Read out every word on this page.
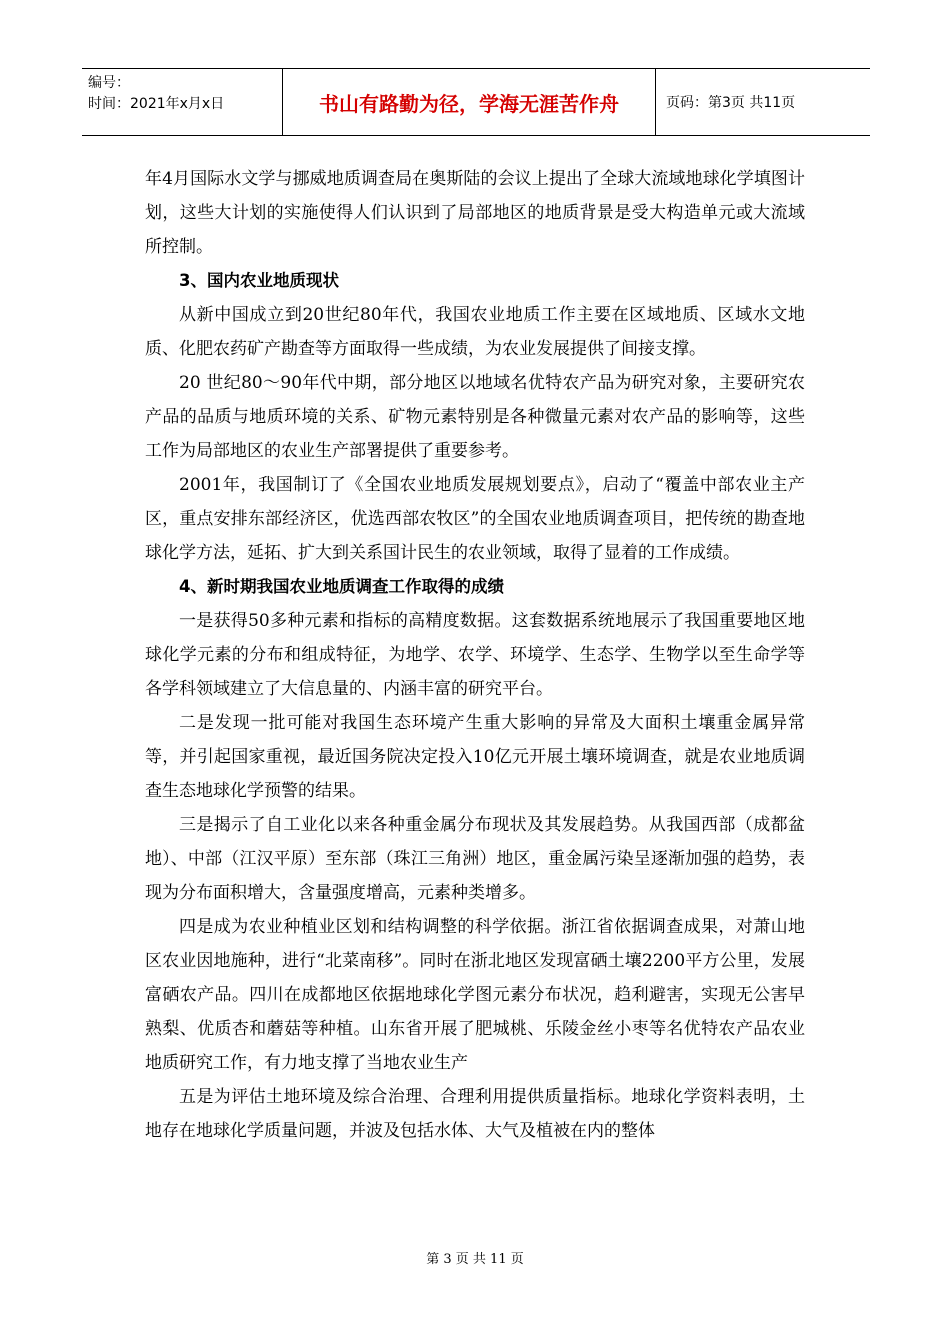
编号：
时间：2021年x月x日	书山有路勤为径，学海无涯苦作舟	页码：第3页 共11页

年4月国际水文学与挪威地质调查局在奥斯陆的会议上提出了全球大流域地球化学填图计划，这些大计划的实施使得人们认识到了局部地区的地质背景是受大构造单元或大流域所控制。

3、国内农业地质现状

从新中国成立到20世纪80年代，我国农业地质工作主要在区域地质、区域水文地质、化肥农药矿产勘查等方面取得一些成绩，为农业发展提供了间接支撑。

20 世纪80～90年代中期，部分地区以地域名优特农产品为研究对象，主要研究农产品的品质与地质环境的关系、矿物元素特别是各种微量元素对农产品的影响等，这些工作为局部地区的农业生产部署提供了重要参考。

2001年，我国制订了《全国农业地质发展规划要点》，启动了“覆盖中部农业主产区，重点安排东部经济区，优选西部农牧区”的全国农业地质调查项目，把传统的勘查地球化学方法，延拓、扩大到关系国计民生的农业领域，取得了显着的工作成绩。

4、新时期我国农业地质调查工作取得的成绩

一是获得50多种元素和指标的高精度数据。这套数据系统地展示了我国重要地区地球化学元素的分布和组成特征，为地学、农学、环境学、生态学、生物学以至生命学等各学科领域建立了大信息量的、内涵丰富的研究平台。

二是发现一批可能对我国生态环境产生重大影响的异常及大面积土壤重金属异常等，并引起国家重视，最近国务院决定投入10亿元开展土壤环境调查，就是农业地质调查生态地球化学预警的结果。

三是揭示了自工业化以来各种重金属分布现状及其发展趋势。从我国西部（成都盆地）、中部（江汉平原）至东部（珠江三角洲）地区，重金属污染呈逐渐加强的趋势，表现为分布面积增大，含量强度增高，元素种类增多。

四是成为农业种植业区划和结构调整的科学依据。浙江省依据调查成果，对萧山地区农业因地施种，进行“北菜南移”。同时在浙北地区发现富硒土壤2200平方公里，发展富硒农产品。四川在成都地区依据地球化学图元素分布状况，趋利避害，实现无公害早熟梨、优质杏和蘑菇等种植。山东省开展了肥城桃、乐陵金丝小枣等名优特农产品农业地质研究工作，有力地支撑了当地农业生产

五是为评估土地环境及综合治理、合理利用提供质量指标。地球化学资料表明，土地存在地球化学质量问题，并波及包括水体、大气及植被在内的整体

第 3 页 共 11 页
